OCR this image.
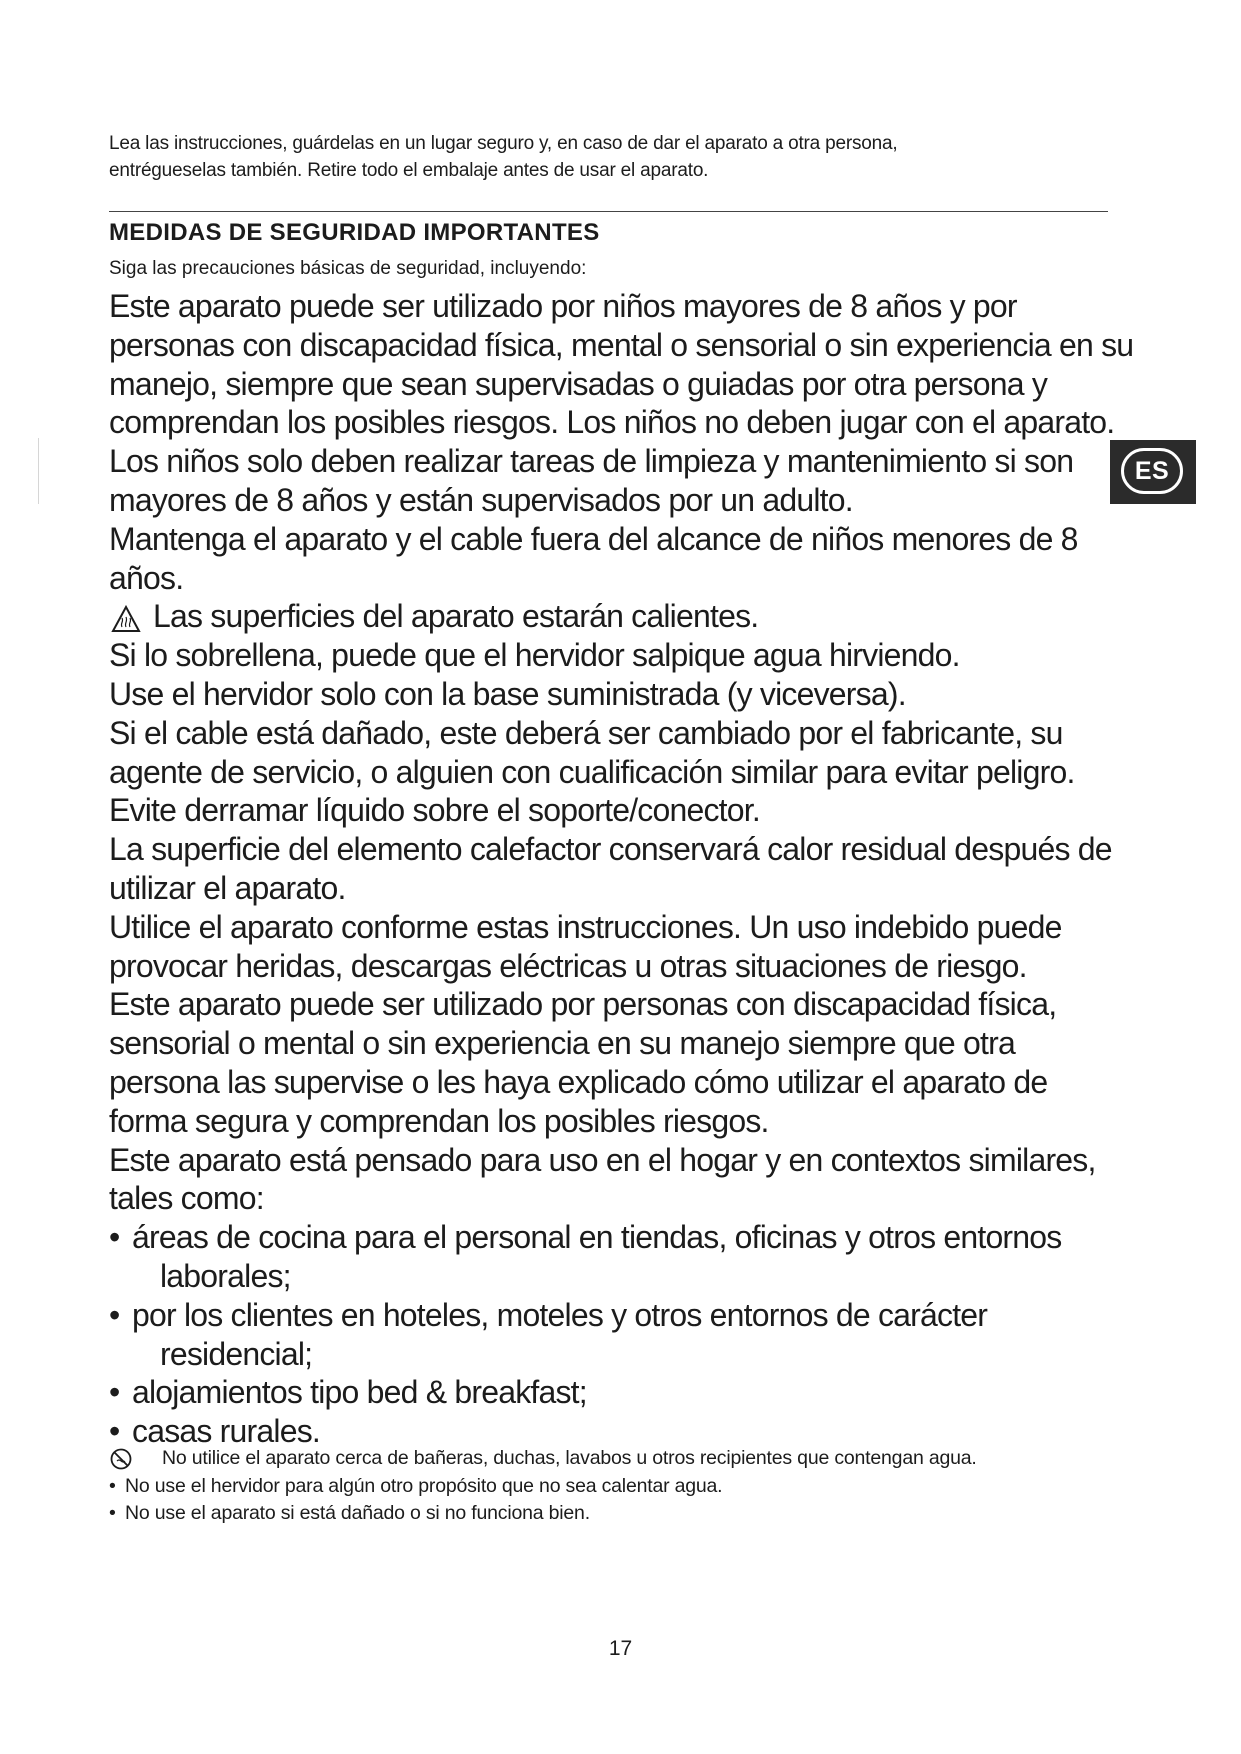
Lea las instrucciones, guárdelas en un lugar seguro y, en caso de dar el aparato a otra persona,
entrégueselas también. Retire todo el embalaje antes de usar el aparato.
MEDIDAS DE SEGURIDAD IMPORTANTES
Siga las precauciones básicas de seguridad, incluyendo:

Este aparato puede ser utilizado por niños mayores de 8 años y por
personas con discapacidad física, mental o sensorial o sin experiencia en su
manejo, siempre que sean supervisadas o guiadas por otra persona y
comprendan los posibles riesgos. Los niños no deben jugar con el aparato.

Los niños solo deben realizar tareas de limpieza y mantenimiento si son
mayores de 8 años y están supervisados por un adulto.

Mantenga el aparato y el cable fuera del alcance de niños menores de 8
años.

Las superficies del aparato estarán calientes.

Si lo sobrellena, puede que el hervidor salpique agua hirviendo.

Use el hervidor solo con la base suministrada (y viceversa).

Si el cable está dañado, este deberá ser cambiado por el fabricante, su
agente de servicio, o alguien con cualificación similar para evitar peligro.

Evite derramar líquido sobre el soporte/conector.

La superficie del elemento calefactor conservará calor residual después de
utilizar el aparato.

Utilice el aparato conforme estas instrucciones. Un uso indebido puede
provocar heridas, descargas eléctricas u otras situaciones de riesgo.

Este aparato puede ser utilizado por personas con discapacidad física,
sensorial o mental o sin experiencia en su manejo siempre que otra
persona las supervise o les haya explicado cómo utilizar el aparato de
forma segura y comprendan los posibles riesgos.

Este aparato está pensado para uso en el hogar y en contextos similares,
tales como:

• áreas de cocina para el personal en tiendas, oficinas y otros entornos
laborales;
• por los clientes en hoteles, moteles y otros entornos de carácter
residencial;
• alojamientos tipo bed & breakfast;
• casas rurales.

No utilice el aparato cerca de bañeras, duchas, lavabos u otros recipientes que contengan agua.

• No use el hervidor para algún otro propósito que no sea calentar agua.

• No use el aparato si está dañado o si no funciona bien.

ES
17
